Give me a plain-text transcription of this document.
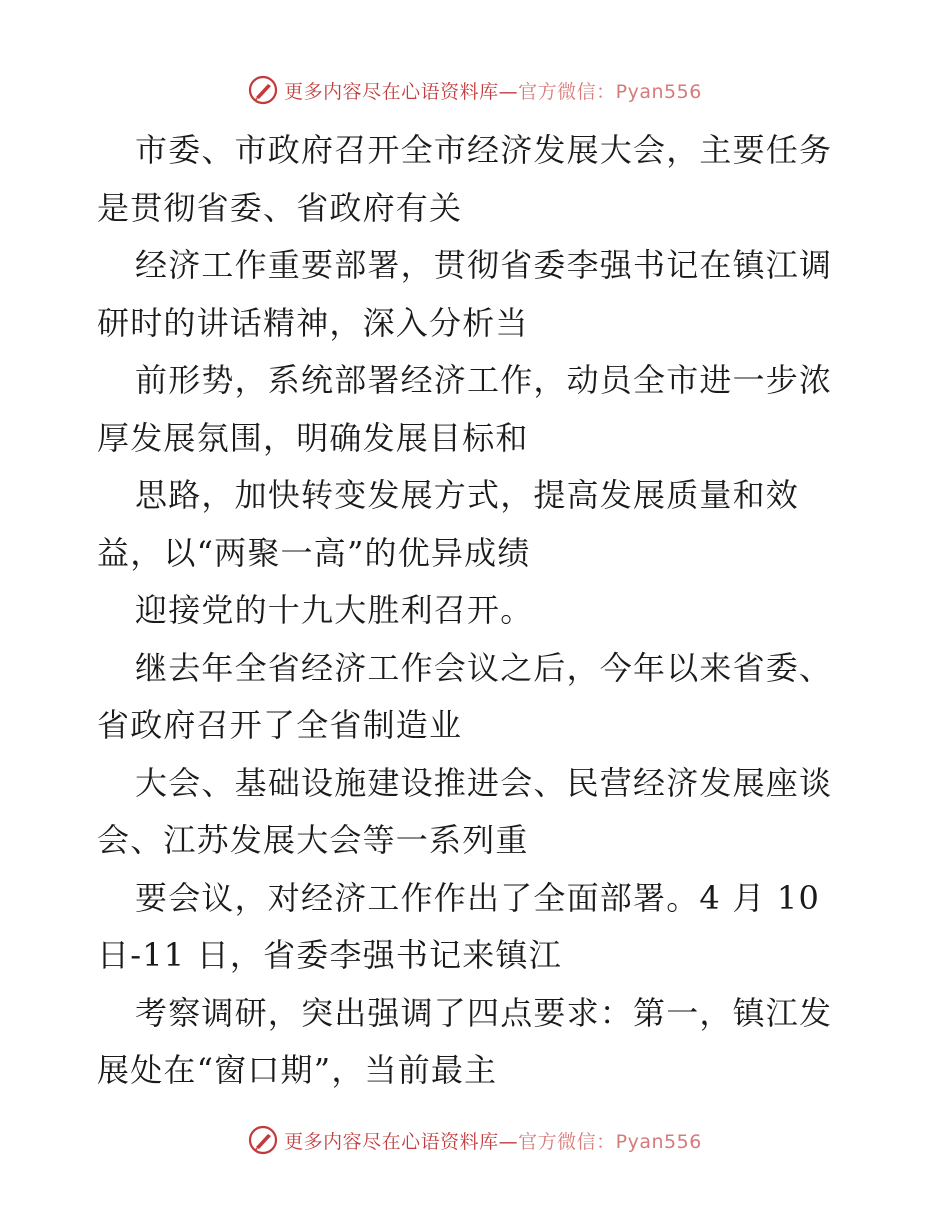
更多内容尽在心语资料库—官方微信：Pyan556
市委、市政府召开全市经济发展大会，主要任务
是贯彻省委、省政府有关
经济工作重要部署，贯彻省委李强书记在镇江调
研时的讲话精神，深入分析当
前形势，系统部署经济工作，动员全市进一步浓
厚发展氛围，明确发展目标和
思路，加快转变发展方式，提高发展质量和效
益，以“两聚一高”的优异成绩
迎接党的十九大胜利召开。
继去年全省经济工作会议之后，今年以来省委、
省政府召开了全省制造业
大会、基础设施建设推进会、民营经济发展座谈
会、江苏发展大会等一系列重
要会议，对经济工作作出了全面部署。4 月 10
日-11 日，省委李强书记来镇江
考察调研，突出强调了四点要求：第一，镇江发
展处在“窗口期”，当前最主
更多内容尽在心语资料库—官方微信：Pyan556
